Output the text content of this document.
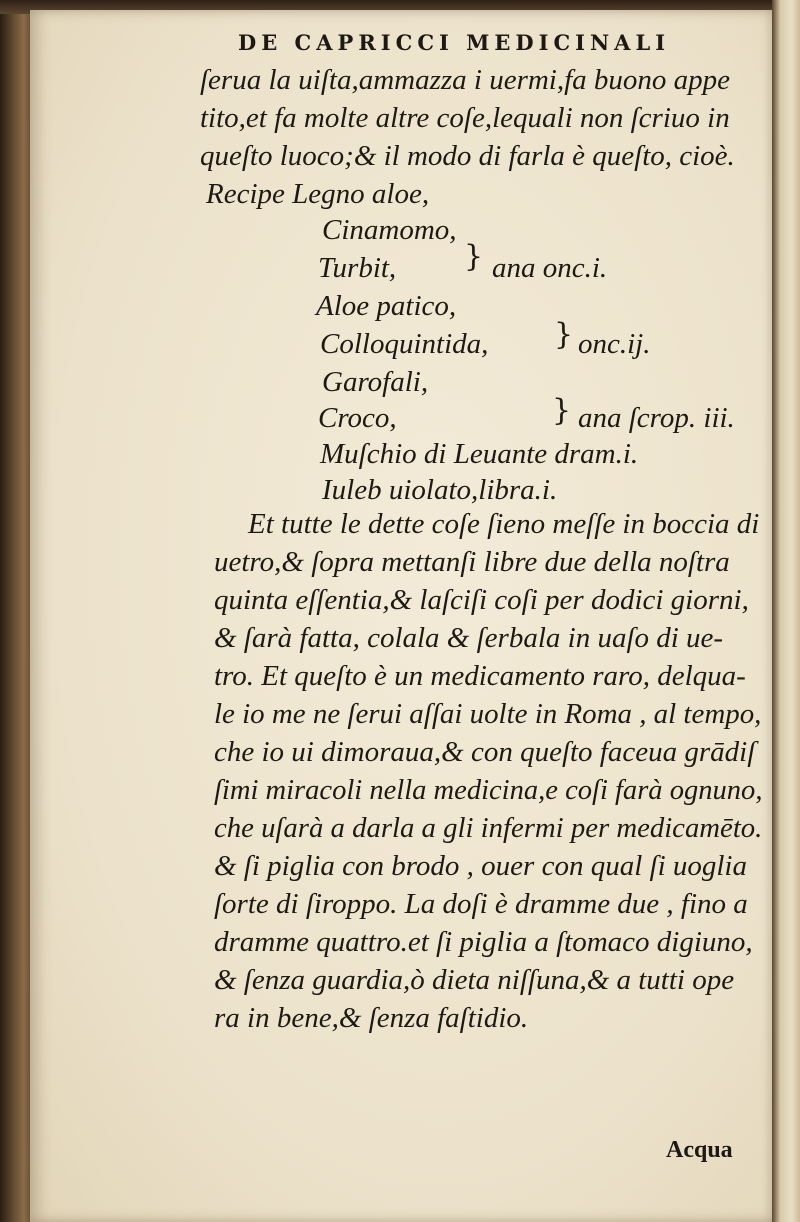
DE CAPRICCI MEDICINALI
ſerua la uiſta,ammazza i uermi,fa buono appe
tito,et fa molte altre coſe,lequali non ſcriuo in
queſto luoco;& il modo di farla è queſto, cioè.
Recipe Legno aloe,
Cinamomo,
Turbit,
Aloe patico,
Colloquintida,
Garofali,
Croco,
Muſchio di Leuante dram.i.
Iuleb uiolato,libra.i.
} ana onc.i.
} onc.ij.
} ana ſcrop. iii.
Et tutte le dette coſe ſieno meſſe in boccia di
uetro,& ſopra mettanſi libre due della noſtra
quinta eſſentia,& laſciſi coſi per dodici giorni,
& ſarà fatta, colala & ſerbala in uaſo di ue-
tro. Et queſto è un medicamento raro, delqua-
le io me ne ſerui aſſai uolte in Roma , al tempo,
che io ui dimoraua,& con queſto faceua grādiſ
ſimi miracoli nella medicina,e coſi farà ognuno,
che uſarà a darla a gli infermi per medicamēto.
& ſi piglia con brodo , ouer con qual ſi uoglia
ſorte di ſiroppo. La doſi è dramme due , fino a
dramme quattro.et ſi piglia a ſtomaco digiuno,
& ſenza guardia,ò dieta niſſuna,& a tutti ope
ra in bene,& ſenza faſtidio.
Acqua
